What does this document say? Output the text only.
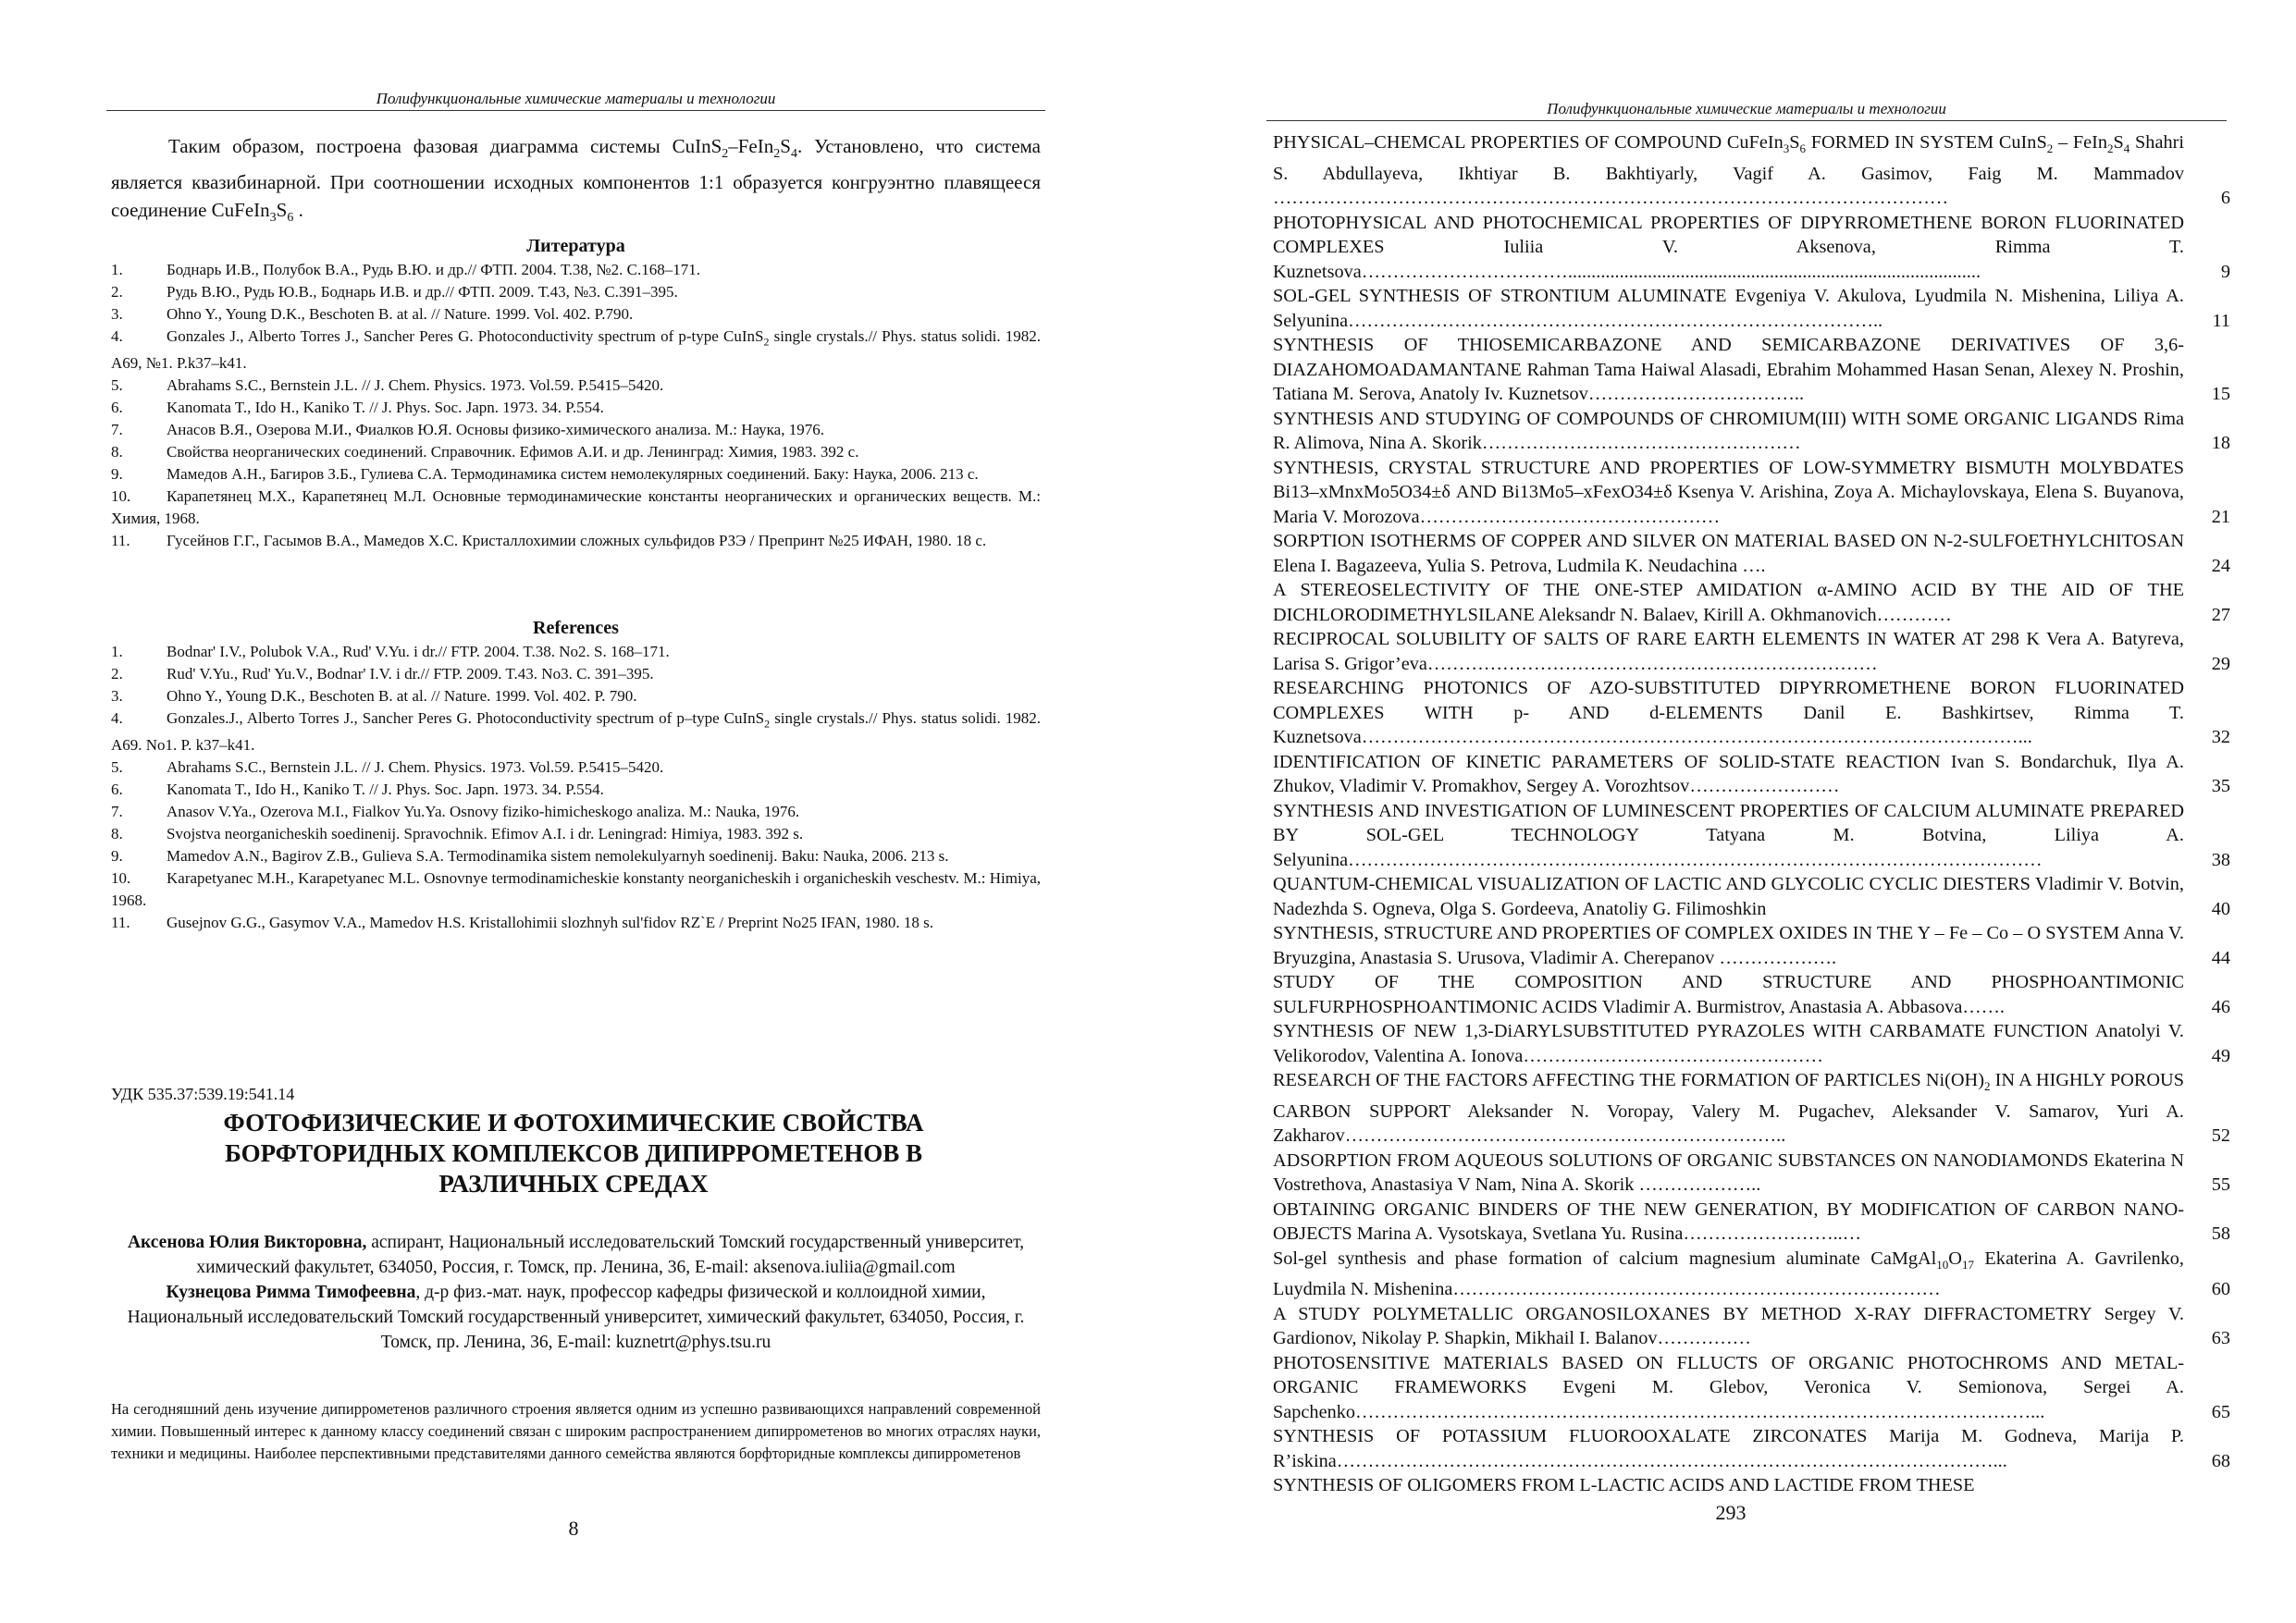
Полифункциональные химические материалы и технологии

Таким образом, построена фазовая диаграмма системы $CuInS_2-FeIn_2S_4$. Установлено, что система является квазибинарной. При соотношении исходных компонентов 1:1 образуется конгруэнтно плавящееся соединение $CuFeIn_3S_6$ .

Литература

1.	Боднарь И.В., Полубок В.А., Рудь В.Ю. и др.// ФТП. 2004. Т.38, №2. С.168–171.

2.	Рудь В.Ю., Рудь Ю.В., Боднарь И.В. и др.// ФТП. 2009. Т.43, №3. С.391–395.

3.	Ohno Y., Young D.K., Beschoten B. at al. // Nature. 1999. Vol. 402. P.790.

4.	Gonzales J., Alberto Torres J., Sancher Peres G. Photoconductivity spectrum of p-type CuInS$_2$ single crystals.// Phys. status solidi. 1982. A69, №1. P.k37–k41.

5.	Abrahams S.C., Bernstein J.L. // J. Chem. Physics. 1973. Vol.59. P.5415–5420.

6.	Kanomata T., Ido H., Kaniko T. // J. Phys. Soc. Japn. 1973. 34. P.554.

7.	Анасов В.Я., Озерова М.И., Фиалков Ю.Я. Основы физико-химического анализа. М.: Наука, 1976.

8.	Свойства неорганических соединений. Справочник. Ефимов А.И. и др. Ленинград: Химия, 1983. 392 с.

9.	Мамедов А.Н., Багиров З.Б., Гулиева С.А. Термодинамика систем немолекулярных соединений. Баку: Наука, 2006. 213 с.

10. Карапетянец М.Х., Карапетянец М.Л. Основные термодинамические константы неорганических и органических веществ. М.: Химия, 1968.

11. Гусейнов Г.Г., Гасымов В.А., Мамедов Х.С. Кристаллохимии сложных сульфидов РЗЭ / Препринт №25 ИФАН, 1980. 18 с.

References

1.	Bodnar' I.V., Polubok V.A., Rud' V.Yu. i dr.// FTP. 2004. T.38. No2. S. 168–171.

2.	Rud' V.Yu., Rud' Yu.V., Bodnar' I.V. i dr.// FTP. 2009. T.43. No3. C. 391–395.

3.	Ohno Y., Young D.K., Beschoten B. at al. // Nature. 1999. Vol. 402. P. 790.

4.	Gonzales.J., Alberto Torres J., Sancher Peres G. Photoconductivity spectrum of p–type CuInS$_2$ single crystals.// Phys. status solidi. 1982. A69. No1. P. k37–k41.

5.	Abrahams S.C., Bernstein J.L. // J. Chem. Physics. 1973. Vol.59. P.5415–5420.

6.	Kanomata T., Ido H., Kaniko T. // J. Phys. Soc. Japn. 1973. 34. P.554.

7.	Anasov V.Ya., Ozerova M.I., Fialkov Yu.Ya. Osnovy fiziko-himicheskogo analiza. M.: Nauka, 1976.

8.	Svojstva neorganicheskih soedinenij. Spravochnik. Efimov A.I. i dr. Leningrad: Himiya, 1983. 392 s.

9.	Mamedov A.N., Bagirov Z.B., Gulieva S.A. Termodinamika sistem nemolekulyarnyh soedinenij. Baku: Nauka, 2006. 213 s.

10. Karapetyanec M.H., Karapetyanec M.L. Osnovnye termodinamicheskie konstanty neorganicheskih i organicheskih veschestv. M.: Himiya, 1968.

11. Gusejnov G.G., Gasymov V.A., Mamedov H.S. Kristallohimii slozhnyh sul'fidov RZ`E / Preprint No25 IFAN, 1980. 18 s.

УДК 535.37:539.19:541.14
ФОТОФИЗИЧЕСКИЕ И ФОТОХИМИЧЕСКИЕ СВОЙСТВА БОРФТОРИДНЫХ КОМПЛЕКСОВ ДИПИРРОМЕТЕНОВ В РАЗЛИЧНЫХ СРЕДАХ
Аксенова Юлия Викторовна, аспирант, Национальный исследовательский Томский государственный университет, химический факультет, 634050, Россия, г. Томск, пр. Ленина, 36, E-mail: aksenova.iuliia@gmail.com
Кузнецова Римма Тимофеевна, д-р физ.-мат. наук, профессор кафедры физической и коллоидной химии, Национальный исследовательский Томский государственный университет, химический факультет, 634050, Россия, г. Томск, пр. Ленина, 36, E-mail: kuznetrt@phys.tsu.ru
На сегодняшний день изучение дипиррометенов различного строения является одним из успешно развивающихся направлений современной химии. Повышенный интерес к данному классу соединений связан с широким распространением дипиррометенов во многих отраслях науки, техники и медицины. Наиболее перспективными представителями данного семейства являются борфторидные комплексы дипиррометенов
8
Полифункциональные химические материалы и технологии
PHYSICAL–CHEMCAL PROPERTIES OF COMPOUND $CuFeIn_3S_6$ FORMED IN SYSTEM CuInS$_2$ – $FeIn_2S_4$ Shahri S. Abdullayeva, Ikhtiyar B. Bakhtiyarly, Vagif A. Gasimov, Faig M. Mammadov ………………………………………………………………………………………………	6
PHOTOPHYSICAL AND PHOTOCHEMICAL PROPERTIES OF DIPYRROMETHENE BORON FLUORINATED COMPLEXES Iuliia V. Aksenova, Rimma T. Kuznetsova……………………………........................................................................................	9
SOL-GEL SYNTHESIS OF STRONTIUM ALUMINATE Evgeniya V. Akulova, Lyudmila N. Mishenina, Liliya A. Selyunina…………………………………………………………………………..	11
SYNTHESIS OF THIOSEMICARBAZONE AND SEMICARBAZONE DERIVATIVES OF 3,6-DIAZAHOMOADAMANTANE Rahman Tama Haiwal Alasadi, Ebrahim Mohammed Hasan Senan, Alexey N. Proshin, Tatiana M. Serova, Anatoly Iv. Kuznetsov……………………………..	15
SYNTHESIS AND STUDYING OF COMPOUNDS OF CHROMIUM(III) WITH SOME ORGANIC LIGANDS Rima R. Alimova, Nina A. Skorik……………………………………………	18
SYNTHESIS, CRYSTAL STRUCTURE AND PROPERTIES OF LOW-SYMMETRY BISMUTH MOLYBDATES Bi13–xMnxMo5O34±δ AND Bi13Mo5–xFexO34±δ Ksenya V. Arishina, Zoya A. Michaylovskaya, Elena S. Buyanova, Maria V. Morozova…………………………………………	21
SORPTION ISOTHERMS OF COPPER AND SILVER ON MATERIAL BASED ON N-2-SULFOETHYLCHITOSAN Elena I. Bagazeeva, Yulia S. Petrova, Ludmila K. Neudachina ….	24
A STEREOSELECTIVITY OF THE ONE-STEP AMIDATION α-AMINO ACID BY THE AID OF THE DICHLORODIMETHYLSILANE Aleksandr N. Balaev, Kirill A. Okhmanovich…………	27
RECIPROCAL SOLUBILITY OF SALTS OF RARE EARTH ELEMENTS IN WATER AT 298 K Vera A. Batyreva, Larisa S. Grigor’eva………………………………………………………………	29
RESEARCHING PHOTONICS OF AZO-SUBSTITUTED DIPYRROMETHENE BORON FLUORINATED COMPLEXES WITH p- AND d-ELEMENTS Danil E. Bashkirtsev, Rimma T. Kuznetsova……………………………………………………………………………………………...	32
IDENTIFICATION OF KINETIC PARAMETERS OF SOLID-STATE REACTION Ivan S. Bondarchuk, Ilya A. Zhukov, Vladimir V. Promakhov, Sergey A. Vorozhtsov……………………	35
SYNTHESIS AND INVESTIGATION OF LUMINESCENT PROPERTIES OF CALCIUM ALUMINATE PREPARED BY SOL-GEL TECHNOLOGY Tatyana M. Botvina, Liliya A. Selyunina…………………………………………………………………………………………………	38
QUANTUM-CHEMICAL VISUALIZATION OF LACTIC AND GLYCOLIC CYCLIC DIESTERS Vladimir V. Botvin, Nadezhda S. Ogneva, Olga S. Gordeeva, Anatoliy G. Filimoshkin	40
SYNTHESIS, STRUCTURE AND PROPERTIES OF COMPLEX OXIDES IN THE Y – Fe – Co – O SYSTEM Anna V. Bryuzgina, Anastasia S. Urusova, Vladimir A. Cherepanov ……………….	44
STUDY OF THE COMPOSITION AND STRUCTURE AND PHOSPHOANTIMONIC SULFURPHOSPHOANTIMONIC ACIDS Vladimir A. Burmistrov, Anastasia A. Abbasova…….	46
SYNTHESIS OF NEW 1,3-DiARYLSUBSTITUTED PYRAZOLES WITH CARBAMATE FUNCTION Anatolyi V. Velikorodov, Valentina A. Ionova…………………………………………	49
RESEARCH OF THE FACTORS AFFECTING THE FORMATION OF PARTICLES $Ni(OH)_2$ IN A HIGHLY POROUS CARBON SUPPORT Aleksander N. Voropay, Valery M. Pugachev, Aleksander V. Samarov, Yuri A. Zakharov……………………………………………………………..	52
ADSORPTION FROM AQUEOUS SOLUTIONS OF ORGANIC SUBSTANCES ON NANODIAMONDS Ekaterina N Vostrethova, Anastasiya V Nam, Nina A. Skorik ………………..	55
OBTAINING ORGANIC BINDERS OF THE NEW GENERATION, BY MODIFICATION OF CARBON NANO-OBJECTS Marina A. Vysotskaya, Svetlana Yu. Rusina……………………..…	58
Sol-gel synthesis and phase formation of calcium magnesium aluminate $CaMgAl_{10}O_{17}$ Ekaterina A. Gavrilenko, Luydmila N. Mishenina……………………………………………………………………	60
A STUDY POLYMETALLIC ORGANOSILOXANES BY METHOD X-RAY DIFFRACTOMETRY Sergey V. Gardionov, Nikolay P. Shapkin, Mikhail I. Balanov……………	63
PHOTOSENSITIVE MATERIALS BASED ON FLLUCTS OF ORGANIC PHOTOCHROMS AND METAL-ORGANIC FRAMEWORKS Evgeni M. Glebov, Veronica V. Semionova, Sergei A. Sapchenko………………………………………………………………………………………………...	65
SYNTHESIS OF POTASSIUM FLUOROOXALATE ZIRCONATES Marija M. Godneva, Marija P. R’iskina……………………………………………………………………………………………...	68
SYNTHESIS OF OLIGOMERS FROM L-LACTIC ACIDS AND LACTIDE FROM THESE
293
